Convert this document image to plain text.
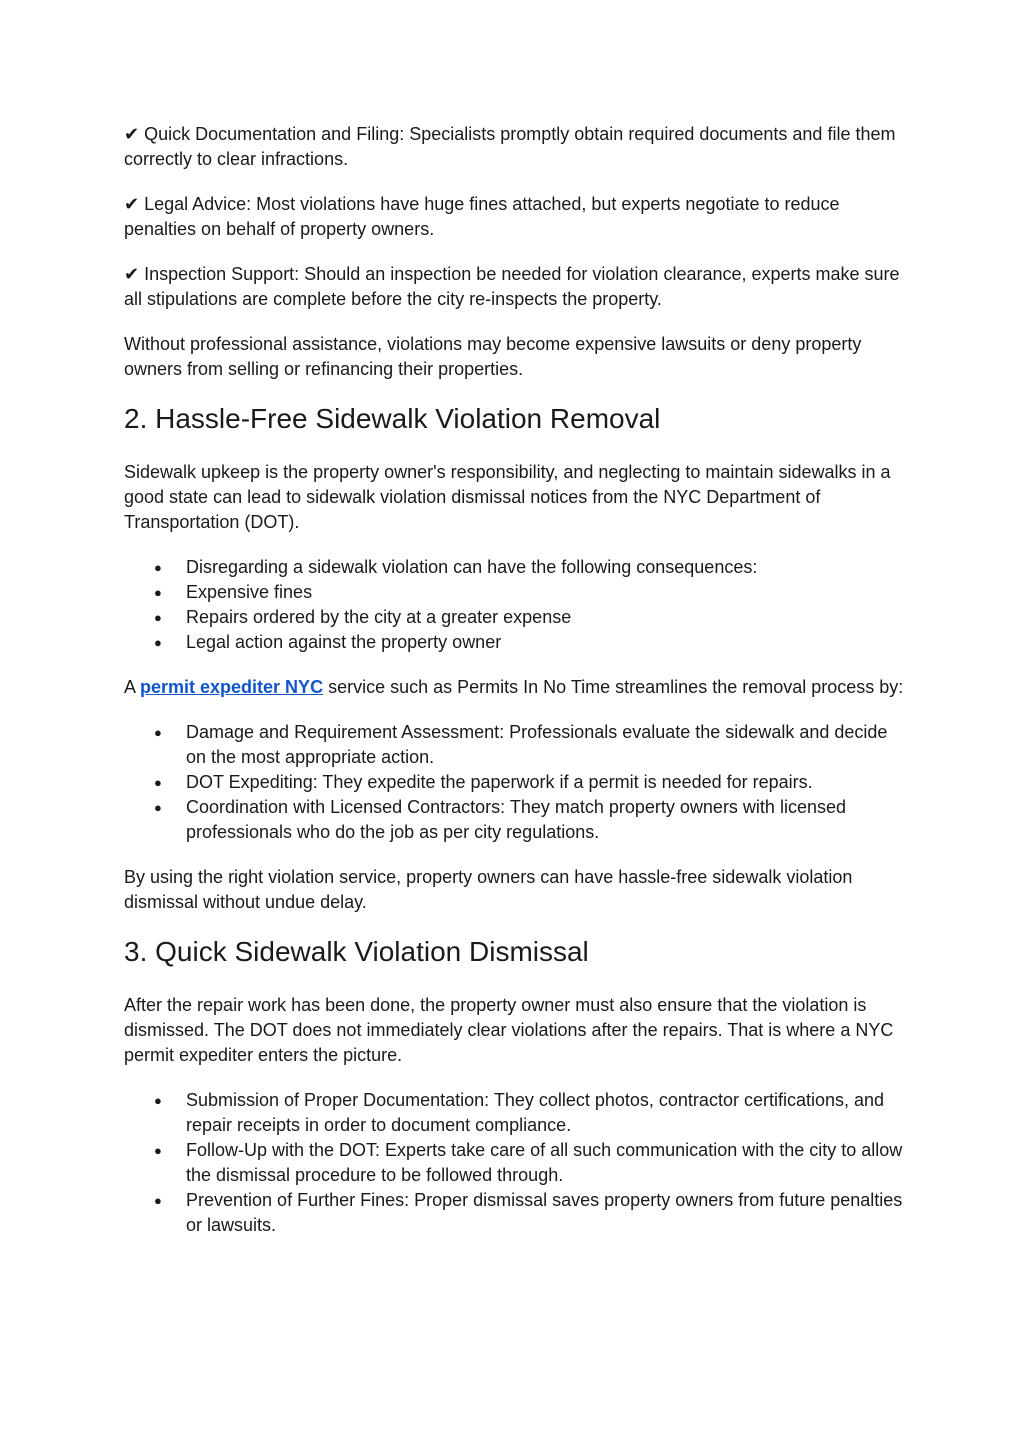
✔ Quick Documentation and Filing: Specialists promptly obtain required documents and file them correctly to clear infractions.

✔ Legal Advice: Most violations have huge fines attached, but experts negotiate to reduce penalties on behalf of property owners.

✔ Inspection Support: Should an inspection be needed for violation clearance, experts make sure all stipulations are complete before the city re-inspects the property.

Without professional assistance, violations may become expensive lawsuits or deny property owners from selling or refinancing their properties.

2. Hassle-Free Sidewalk Violation Removal

Sidewalk upkeep is the property owner's responsibility, and neglecting to maintain sidewalks in a good state can lead to sidewalk violation dismissal notices from the NYC Department of Transportation (DOT).

● Disregarding a sidewalk violation can have the following consequences:
● Expensive fines
● Repairs ordered by the city at a greater expense
● Legal action against the property owner

A permit expediter NYC service such as Permits In No Time streamlines the removal process by:

● Damage and Requirement Assessment: Professionals evaluate the sidewalk and decide on the most appropriate action.
● DOT Expediting: They expedite the paperwork if a permit is needed for repairs.
● Coordination with Licensed Contractors: They match property owners with licensed professionals who do the job as per city regulations.

By using the right violation service, property owners can have hassle-free sidewalk violation dismissal without undue delay.

3. Quick Sidewalk Violation Dismissal

After the repair work has been done, the property owner must also ensure that the violation is dismissed. The DOT does not immediately clear violations after the repairs. That is where a NYC permit expediter enters the picture.

● Submission of Proper Documentation: They collect photos, contractor certifications, and repair receipts in order to document compliance.
● Follow-Up with the DOT: Experts take care of all such communication with the city to allow the dismissal procedure to be followed through.
● Prevention of Further Fines: Proper dismissal saves property owners from future penalties or lawsuits.
